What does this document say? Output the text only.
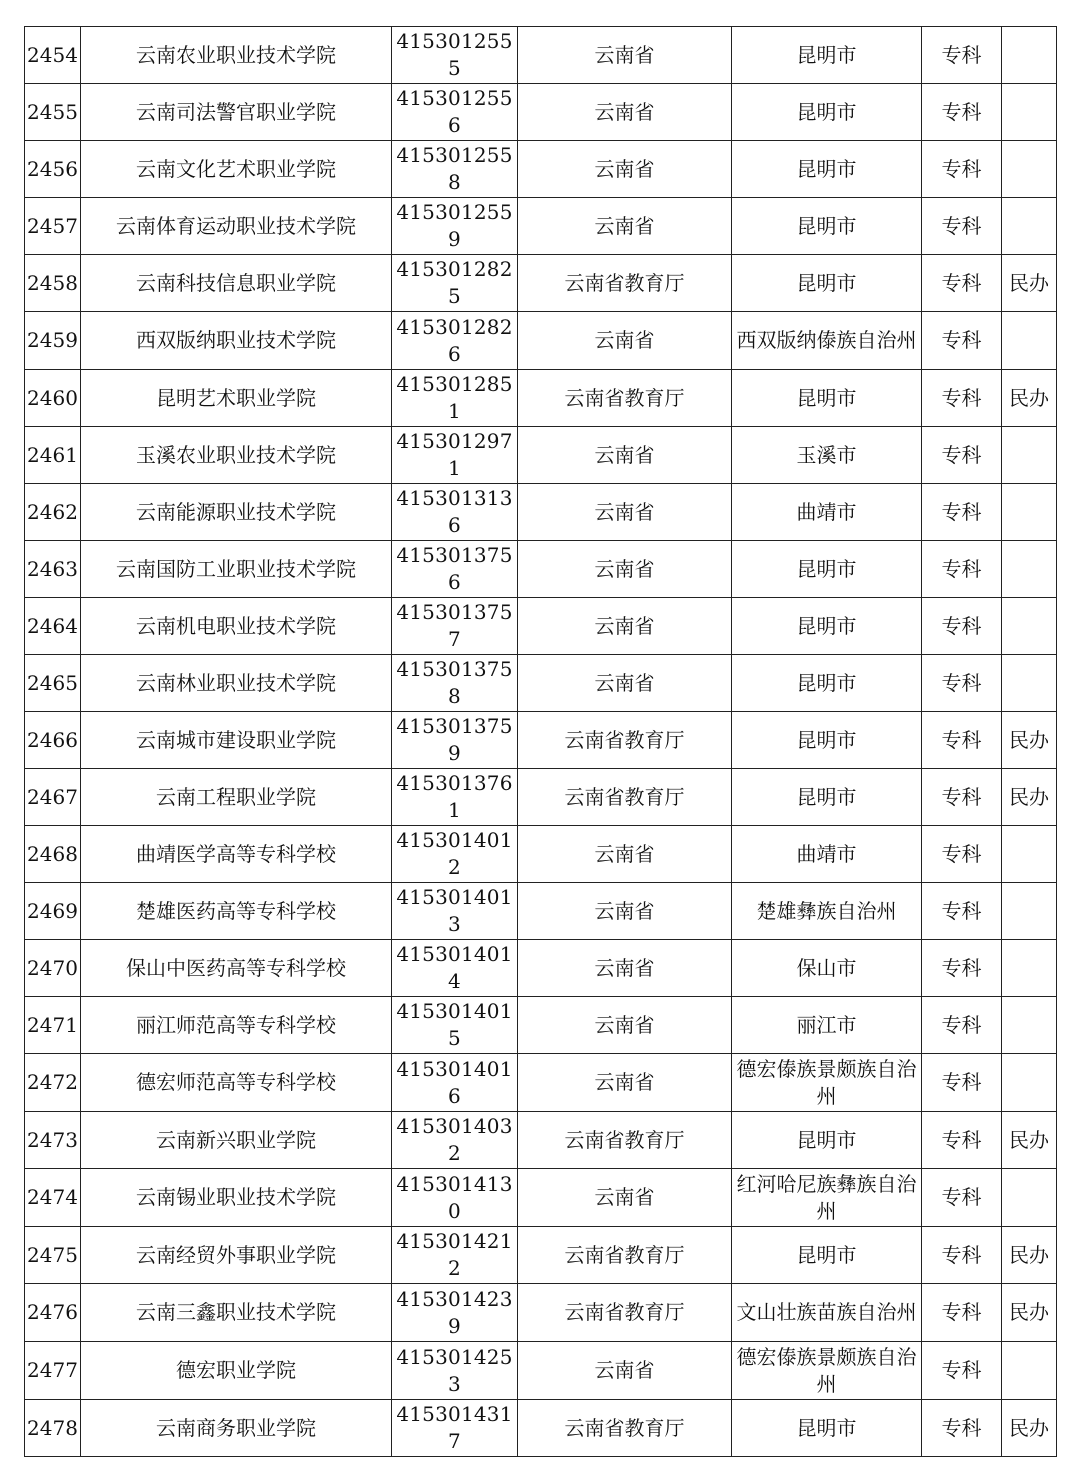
2454	云南农业职业技术学院	4153012555	云南省	昆明市	专科	
2455	云南司法警官职业学院	4153012556	云南省	昆明市	专科	
2456	云南文化艺术职业学院	4153012558	云南省	昆明市	专科	
2457	云南体育运动职业技术学院	4153012559	云南省	昆明市	专科	
2458	云南科技信息职业学院	4153012825	云南省教育厅	昆明市	专科	民办
2459	西双版纳职业技术学院	4153012826	云南省	西双版纳傣族自治州	专科	
2460	昆明艺术职业学院	4153012851	云南省教育厅	昆明市	专科	民办
2461	玉溪农业职业技术学院	4153012971	云南省	玉溪市	专科	
2462	云南能源职业技术学院	4153013136	云南省	曲靖市	专科	
2463	云南国防工业职业技术学院	4153013756	云南省	昆明市	专科	
2464	云南机电职业技术学院	4153013757	云南省	昆明市	专科	
2465	云南林业职业技术学院	4153013758	云南省	昆明市	专科	
2466	云南城市建设职业学院	4153013759	云南省教育厅	昆明市	专科	民办
2467	云南工程职业学院	4153013761	云南省教育厅	昆明市	专科	民办
2468	曲靖医学高等专科学校	4153014012	云南省	曲靖市	专科	
2469	楚雄医药高等专科学校	4153014013	云南省	楚雄彝族自治州	专科	
2470	保山中医药高等专科学校	4153014014	云南省	保山市	专科	
2471	丽江师范高等专科学校	4153014015	云南省	丽江市	专科	
2472	德宏师范高等专科学校	4153014016	云南省	德宏傣族景颇族自治州	专科	
2473	云南新兴职业学院	4153014032	云南省教育厅	昆明市	专科	民办
2474	云南锡业职业技术学院	4153014130	云南省	红河哈尼族彝族自治州	专科	
2475	云南经贸外事职业学院	4153014212	云南省教育厅	昆明市	专科	民办
2476	云南三鑫职业技术学院	4153014239	云南省教育厅	文山壮族苗族自治州	专科	民办
2477	德宏职业学院	4153014253	云南省	德宏傣族景颇族自治州	专科	
2478	云南商务职业学院	4153014317	云南省教育厅	昆明市	专科	民办
